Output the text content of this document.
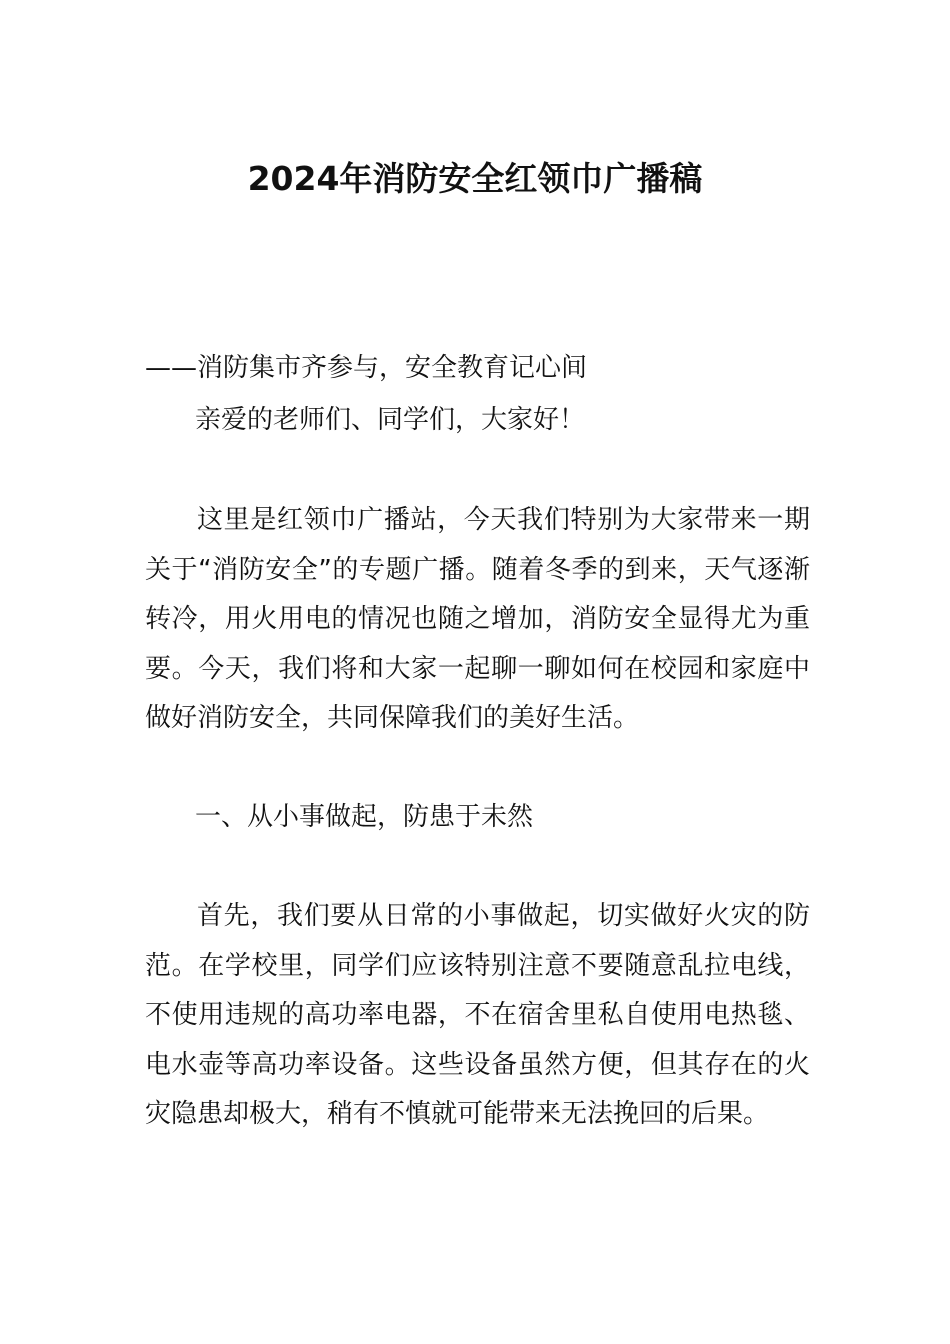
2024年消防安全红领巾广播稿

——消防集市齐参与，安全教育记心间

亲爱的老师们、同学们，大家好！

这里是红领巾广播站，今天我们特别为大家带来一期关于“消防安全”的专题广播。随着冬季的到来，天气逐渐转冷，用火用电的情况也随之增加，消防安全显得尤为重要。今天，我们将和大家一起聊一聊如何在校园和家庭中做好消防安全，共同保障我们的美好生活。

一、从小事做起，防患于未然

首先，我们要从日常的小事做起，切实做好火灾的防范。在学校里，同学们应该特别注意不要随意乱拉电线，不使用违规的高功率电器，不在宿舍里私自使用电热毯、电水壶等高功率设备。这些设备虽然方便，但其存在的火灾隐患却极大，稍有不慎就可能带来无法挽回的后果。
